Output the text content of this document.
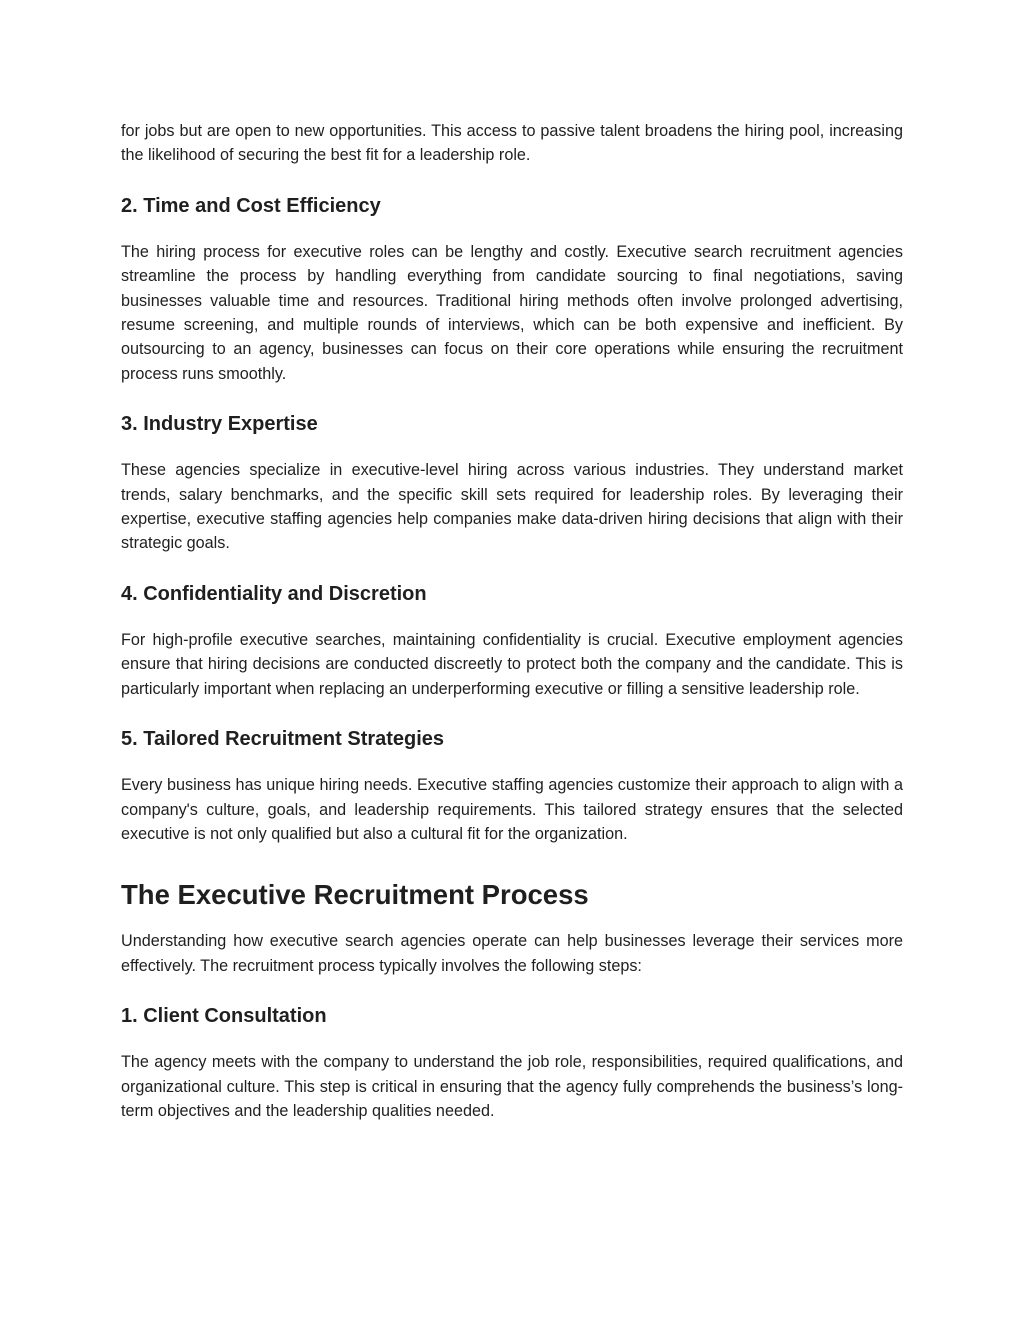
for jobs but are open to new opportunities. This access to passive talent broadens the hiring pool, increasing the likelihood of securing the best fit for a leadership role.

2. Time and Cost Efficiency

The hiring process for executive roles can be lengthy and costly. Executive search recruitment agencies streamline the process by handling everything from candidate sourcing to final negotiations, saving businesses valuable time and resources. Traditional hiring methods often involve prolonged advertising, resume screening, and multiple rounds of interviews, which can be both expensive and inefficient. By outsourcing to an agency, businesses can focus on their core operations while ensuring the recruitment process runs smoothly.

3. Industry Expertise

These agencies specialize in executive-level hiring across various industries. They understand market trends, salary benchmarks, and the specific skill sets required for leadership roles. By leveraging their expertise, executive staffing agencies help companies make data-driven hiring decisions that align with their strategic goals.

4. Confidentiality and Discretion

For high-profile executive searches, maintaining confidentiality is crucial. Executive employment agencies ensure that hiring decisions are conducted discreetly to protect both the company and the candidate. This is particularly important when replacing an underperforming executive or filling a sensitive leadership role.

5. Tailored Recruitment Strategies

Every business has unique hiring needs. Executive staffing agencies customize their approach to align with a company's culture, goals, and leadership requirements. This tailored strategy ensures that the selected executive is not only qualified but also a cultural fit for the organization.

The Executive Recruitment Process

Understanding how executive search agencies operate can help businesses leverage their services more effectively. The recruitment process typically involves the following steps:

1. Client Consultation

The agency meets with the company to understand the job role, responsibilities, required qualifications, and organizational culture. This step is critical in ensuring that the agency fully comprehends the business’s long-term objectives and the leadership qualities needed.
